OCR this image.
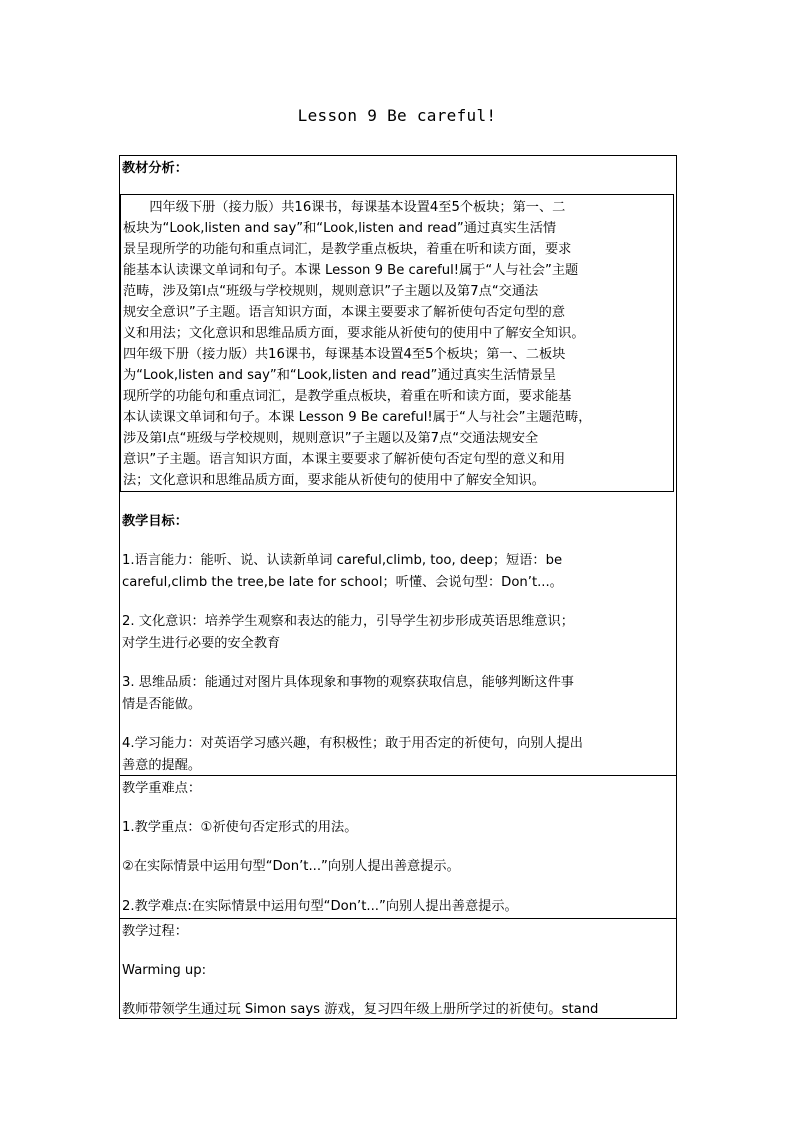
Lesson 9 Be careful!
教材分析：
　　四年级下册（接力版）共16课书，每课基本设置4至5个板块；第一、二
板块为“Look,listen and say”和“Look,listen and read”通过真实生活情
景呈现所学的功能句和重点词汇，是教学重点板块，着重在听和读方面，要求
能基本认读课文单词和句子。本课 Lesson 9 Be careful!属于“人与社会”主题
范畴，涉及第I点“班级与学校规则，规则意识”子主题以及第7点“交通法
规安全意识”子主题。语言知识方面，本课主要要求了解祈使句否定句型的意
义和用法；文化意识和思维品质方面，要求能从祈使句的使用中了解安全知识。
四年级下册（接力版）共16课书，每课基本设置4至5个板块；第一、二板块
为“Look,listen and say”和“Look,listen and read”通过真实生活情景呈
现所学的功能句和重点词汇，是教学重点板块，着重在听和读方面，要求能基
本认读课文单词和句子。本课 Lesson 9 Be careful!属于“人与社会”主题范畴，
涉及第I点“班级与学校规则，规则意识”子主题以及第7点“交通法规安全
意识”子主题。语言知识方面，本课主要要求了解祈使句否定句型的意义和用
法；文化意识和思维品质方面，要求能从祈使句的使用中了解安全知识。
教学目标：
1.语言能力：能听、说、认读新单词 careful,climb, too, deep；短语：be
careful,climb the tree,be late for school；听懂、会说句型：Don’t...。
2. 文化意识：培养学生观察和表达的能力，引导学生初步形成英语思维意识；
对学生进行必要的安全教育
3. 思维品质：能通过对图片具体现象和事物的观察获取信息，能够判断这件事
情是否能做。
4.学习能力：对英语学习感兴趣，有积极性；敢于用否定的祈使句，向别人提出
善意的提醒。
教学重难点：
1.教学重点：①祈使句否定形式的用法。
②在实际情景中运用句型“Don’t...”向别人提出善意提示。
2.教学难点:在实际情景中运用句型“Don’t...”向别人提出善意提示。
教学过程：
Warming up:
教师带领学生通过玩 Simon says 游戏，复习四年级上册所学过的祈使句。stand
